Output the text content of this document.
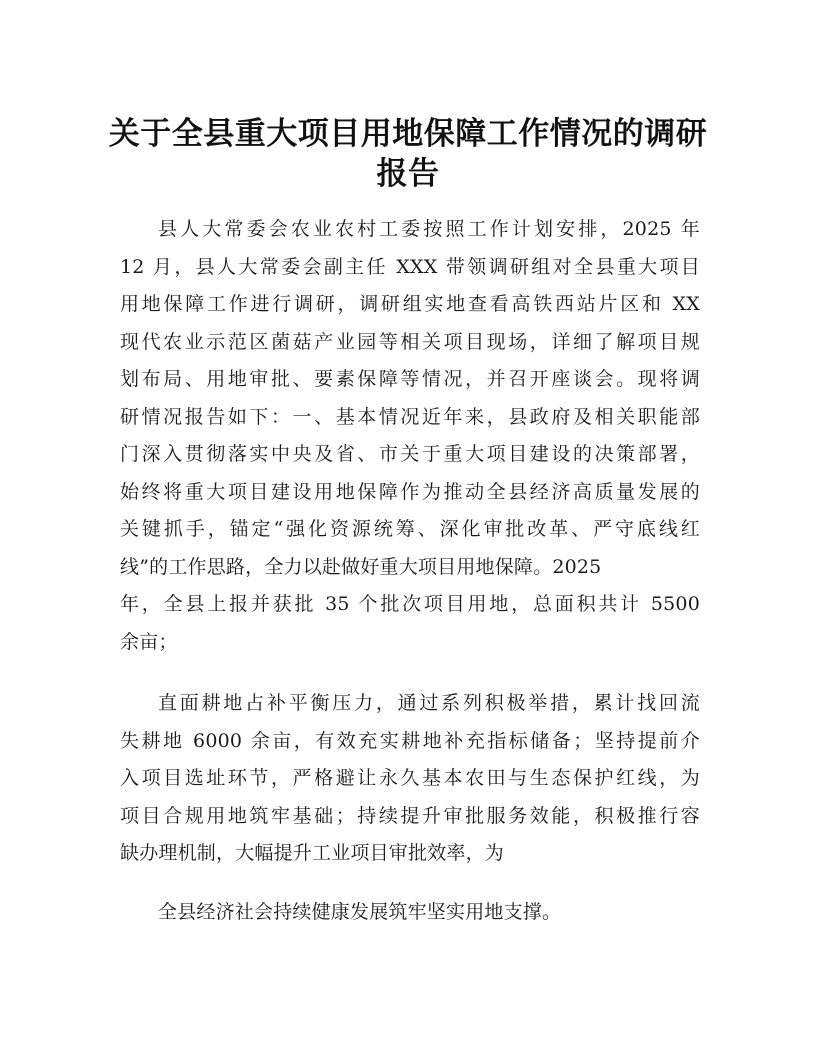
关于全县重大项目用地保障工作情况的调研
报告
县人大常委会农业农村工委按照工作计划安排，2025 年
12 月，县人大常委会副主任 XXX 带领调研组对全县重大项目
用地保障工作进行调研，调研组实地查看高铁西站片区和 XX
现代农业示范区菌菇产业园等相关项目现场，详细了解项目规
划布局、用地审批、要素保障等情况，并召开座谈会。现将调
研情况报告如下：一、基本情况近年来，县政府及相关职能部
门深入贯彻落实中央及省、市关于重大项目建设的决策部署，
始终将重大项目建设用地保障作为推动全县经济高质量发展的
关键抓手，锚定“强化资源统筹、深化审批改革、严守底线红
线”的工作思路，全力以赴做好重大项目用地保障。2025
年，全县上报并获批 35 个批次项目用地，总面积共计 5500
余亩；
直面耕地占补平衡压力，通过系列积极举措，累计找回流
失耕地 6000 余亩，有效充实耕地补充指标储备；坚持提前介
入项目选址环节，严格避让永久基本农田与生态保护红线，为
项目合规用地筑牢基础；持续提升审批服务效能，积极推行容
缺办理机制，大幅提升工业项目审批效率，为
全县经济社会持续健康发展筑牢坚实用地支撑。
